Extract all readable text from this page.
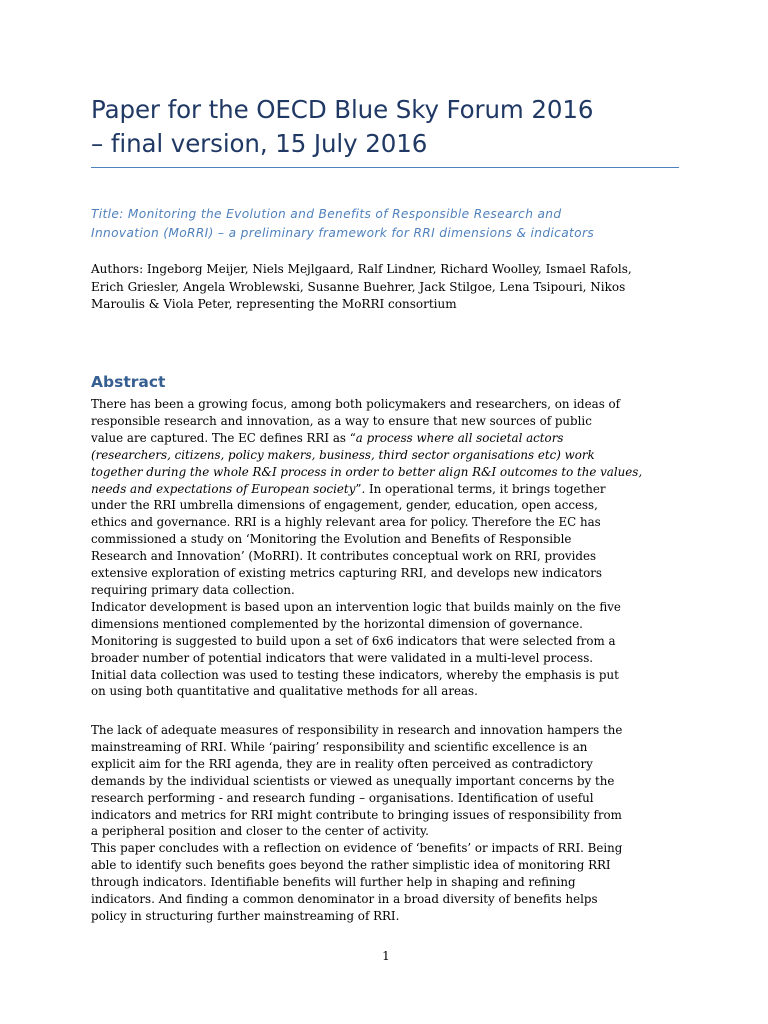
Paper for the OECD Blue Sky Forum 2016
– final version, 15 July 2016
Title: Monitoring the Evolution and Benefits of Responsible Research and
Innovation (MoRRI) – a preliminary framework for RRI dimensions & indicators
Authors: Ingeborg Meijer, Niels Mejlgaard, Ralf Lindner, Richard Woolley, Ismael Rafols,
Erich Griesler, Angela Wroblewski, Susanne Buehrer, Jack Stilgoe, Lena Tsipouri, Nikos
Maroulis & Viola Peter, representing the MoRRI consortium
Abstract
There has been a growing focus, among both policymakers and researchers, on ideas of
responsible research and innovation, as a way to ensure that new sources of public
value are captured. The EC defines RRI as “a process where all societal actors
(researchers, citizens, policy makers, business, third sector organisations etc) work
together during the whole R&I process in order to better align R&I outcomes to the values,
needs and expectations of European society”. In operational terms, it brings together
under the RRI umbrella dimensions of engagement, gender, education, open access,
ethics and governance. RRI is a highly relevant area for policy. Therefore the EC has
commissioned a study on ‘Monitoring the Evolution and Benefits of Responsible
Research and Innovation’ (MoRRI). It contributes conceptual work on RRI, provides
extensive exploration of existing metrics capturing RRI, and develops new indicators
requiring primary data collection.
Indicator development is based upon an intervention logic that builds mainly on the five
dimensions mentioned complemented by the horizontal dimension of governance.
Monitoring is suggested to build upon a set of 6x6 indicators that were selected from a
broader number of potential indicators that were validated in a multi-level process.
Initial data collection was used to testing these indicators, whereby the emphasis is put
on using both quantitative and qualitative methods for all areas.
The lack of adequate measures of responsibility in research and innovation hampers the
mainstreaming of RRI. While ‘pairing’ responsibility and scientific excellence is an
explicit aim for the RRI agenda, they are in reality often perceived as contradictory
demands by the individual scientists or viewed as unequally important concerns by the
research performing - and research funding – organisations. Identification of useful
indicators and metrics for RRI might contribute to bringing issues of responsibility from
a peripheral position and closer to the center of activity.
This paper concludes with a reflection on evidence of ‘benefits’ or impacts of RRI. Being
able to identify such benefits goes beyond the rather simplistic idea of monitoring RRI
through indicators. Identifiable benefits will further help in shaping and refining
indicators. And finding a common denominator in a broad diversity of benefits helps
policy in structuring further mainstreaming of RRI.
1
